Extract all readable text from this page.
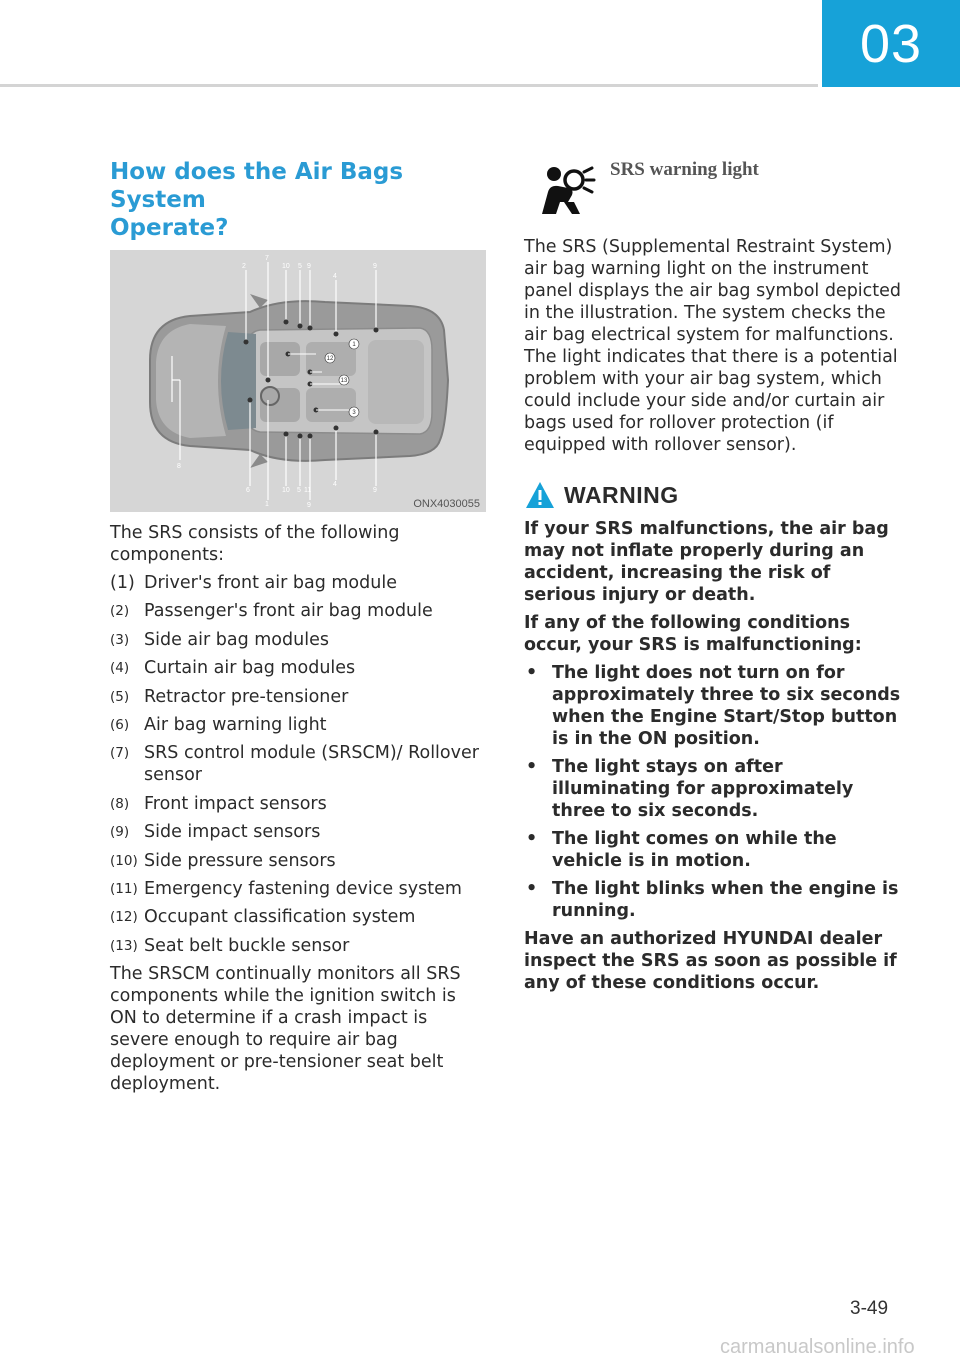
03
How does the Air Bags System
Operate?
2
7
10 5 9
4
9
6
1
10 5 11
9
4
9
8
1
12
13
3
ONX4030055

The SRS consists of the following components:

(1) Driver's front air bag module
(2) Passenger's front air bag module
(3) Side air bag modules
(4) Curtain air bag modules
(5) Retractor pre-tensioner
(6) Air bag warning light
(7) SRS control module (SRSCM)/ Rollover sensor
(8) Front impact sensors
(9) Side impact sensors
(10) Side pressure sensors
(11) Emergency fastening device system
(12) Occupant classification system
(13) Seat belt buckle sensor

The SRSCM continually monitors all SRS components while the ignition switch is ON to determine if a crash impact is severe enough to require air bag deployment or pre-tensioner seat belt deployment.

SRS warning light

The SRS (Supplemental Restraint System) air bag warning light on the instrument panel displays the air bag symbol depicted in the illustration. The system checks the air bag electrical system for malfunctions. The light indicates that there is a potential problem with your air bag system, which could include your side and/or curtain air bags used for rollover protection (if equipped with rollover sensor).

WARNING

If your SRS malfunctions, the air bag may not inflate properly during an accident, increasing the risk of serious injury or death.

If any of the following conditions occur, your SRS is malfunctioning:

• The light does not turn on for approximately three to six seconds when the Engine Start/Stop button is in the ON position.
• The light stays on after illuminating for approximately three to six seconds.
• The light comes on while the vehicle is in motion.
• The light blinks when the engine is running.

Have an authorized HYUNDAI dealer inspect the SRS as soon as possible if any of these conditions occur.

3-49
carmanualsonline.info
